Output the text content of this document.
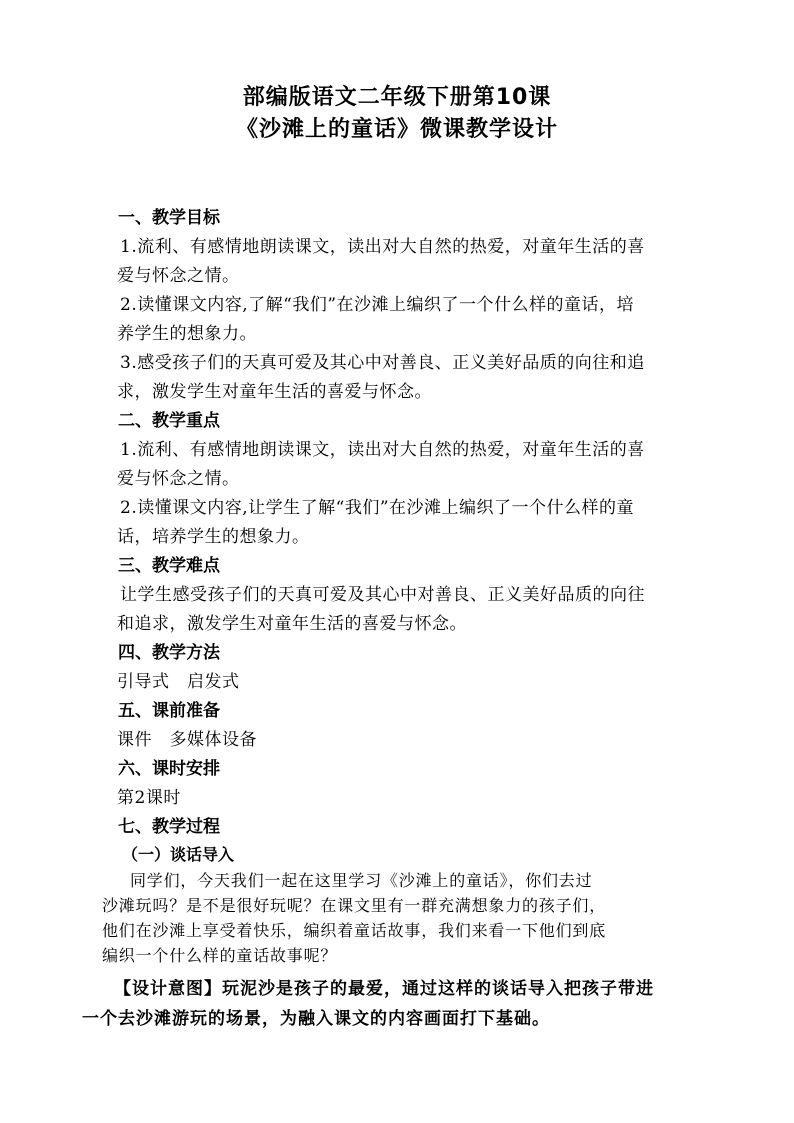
部编版语文二年级下册第10课
《沙滩上的童话》微课教学设计
一、教学目标
1.流利、有感情地朗读课文，读出对大自然的热爱，对童年生活的喜
爱与怀念之情。
2.读懂课文内容,了解“我们”在沙滩上编织了一个什么样的童话，培
养学生的想象力。
3.感受孩子们的天真可爱及其心中对善良、正义美好品质的向往和追
求，激发学生对童年生活的喜爱与怀念。
二、教学重点
1.流利、有感情地朗读课文，读出对大自然的热爱，对童年生活的喜
爱与怀念之情。
2.读懂课文内容,让学生了解“我们”在沙滩上编织了一个什么样的童
话，培养学生的想象力。
三、教学难点
让学生感受孩子们的天真可爱及其心中对善良、正义美好品质的向往
和追求，激发学生对童年生活的喜爱与怀念。
四、教学方法
引导式　启发式
五、课前准备
课件　多媒体设备
六、课时安排
第2课时
七、教学过程
（一）谈话导入
同学们，今天我们一起在这里学习《沙滩上的童话》，你们去过
沙滩玩吗？是不是很好玩呢？在课文里有一群充满想象力的孩子们，
他们在沙滩上享受着快乐，编织着童话故事，我们来看一下他们到底
编织一个什么样的童话故事呢？
【设计意图】玩泥沙是孩子的最爱，通过这样的谈话导入把孩子带进
一个去沙滩游玩的场景，为融入课文的内容画面打下基础。
